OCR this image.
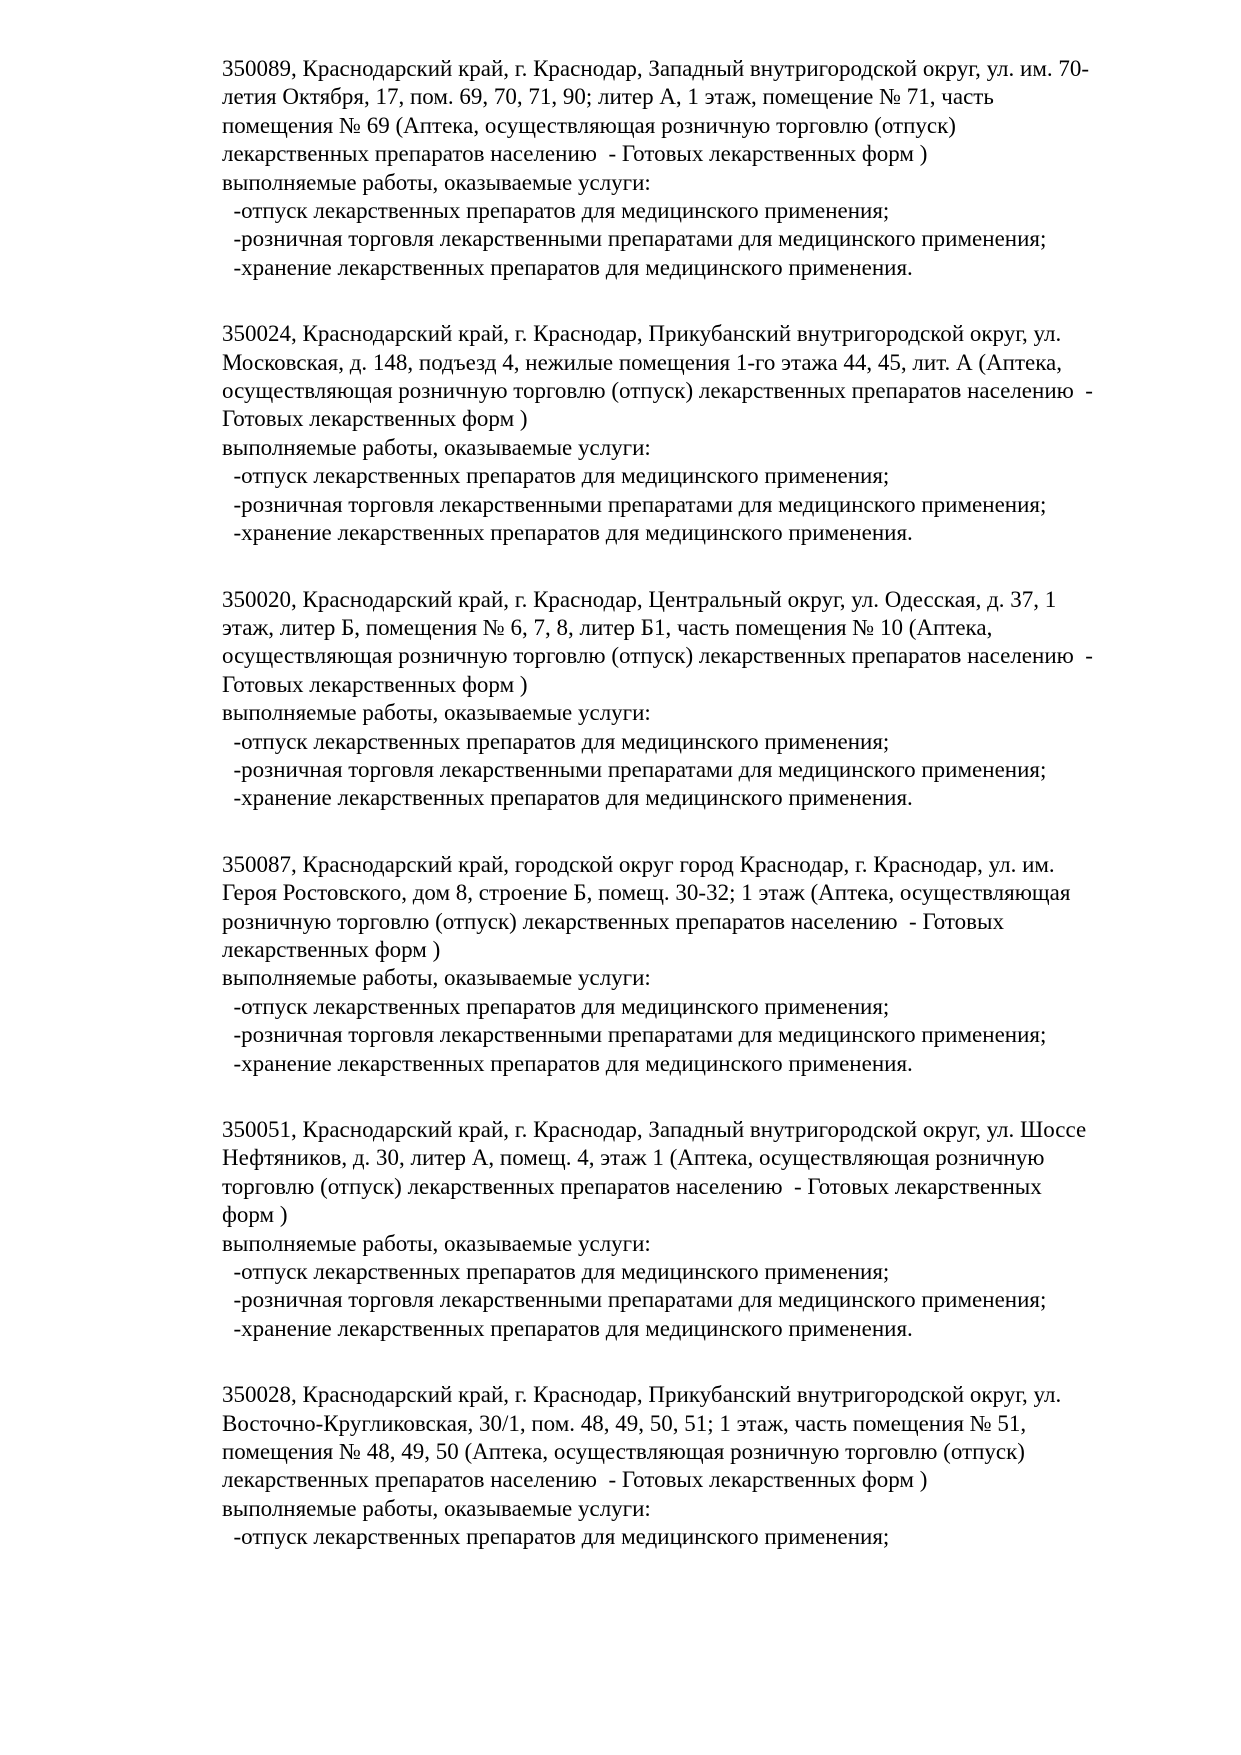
350089, Краснодарский край, г. Краснодар, Западный внутригородской округ, ул. им. 70-
летия Октября, 17, пом. 69, 70, 71, 90; литер А, 1 этаж, помещение № 71, часть
помещения № 69 (Аптека, осуществляющая розничную торговлю (отпуск)
лекарственных препаратов населению  - Готовых лекарственных форм )
выполняемые работы, оказываемые услуги:
-отпуск лекарственных препаратов для медицинского применения;
-розничная торговля лекарственными препаратами для медицинского применения;
-хранение лекарственных препаратов для медицинского применения.
350024, Краснодарский край, г. Краснодар, Прикубанский внутригородской округ, ул.
Московская, д. 148, подъезд 4, нежилые помещения 1-го этажа 44, 45, лит. А (Аптека,
осуществляющая розничную торговлю (отпуск) лекарственных препаратов населению  -
Готовых лекарственных форм )
выполняемые работы, оказываемые услуги:
-отпуск лекарственных препаратов для медицинского применения;
-розничная торговля лекарственными препаратами для медицинского применения;
-хранение лекарственных препаратов для медицинского применения.
350020, Краснодарский край, г. Краснодар, Центральный округ, ул. Одесская, д. 37, 1
этаж, литер Б, помещения № 6, 7, 8, литер Б1, часть помещения № 10 (Аптека,
осуществляющая розничную торговлю (отпуск) лекарственных препаратов населению  -
Готовых лекарственных форм )
выполняемые работы, оказываемые услуги:
-отпуск лекарственных препаратов для медицинского применения;
-розничная торговля лекарственными препаратами для медицинского применения;
-хранение лекарственных препаратов для медицинского применения.
350087, Краснодарский край, городской округ город Краснодар, г. Краснодар, ул. им.
Героя Ростовского, дом 8, строение Б, помещ. 30-32; 1 этаж (Аптека, осуществляющая
розничную торговлю (отпуск) лекарственных препаратов населению  - Готовых
лекарственных форм )
выполняемые работы, оказываемые услуги:
-отпуск лекарственных препаратов для медицинского применения;
-розничная торговля лекарственными препаратами для медицинского применения;
-хранение лекарственных препаратов для медицинского применения.
350051, Краснодарский край, г. Краснодар, Западный внутригородской округ, ул. Шоссе
Нефтяников, д. 30, литер А, помещ. 4, этаж 1 (Аптека, осуществляющая розничную
торговлю (отпуск) лекарственных препаратов населению  - Готовых лекарственных
форм )
выполняемые работы, оказываемые услуги:
-отпуск лекарственных препаратов для медицинского применения;
-розничная торговля лекарственными препаратами для медицинского применения;
-хранение лекарственных препаратов для медицинского применения.
350028, Краснодарский край, г. Краснодар, Прикубанский внутригородской округ, ул.
Восточно-Кругликовская, 30/1, пом. 48, 49, 50, 51; 1 этаж, часть помещения № 51,
помещения № 48, 49, 50 (Аптека, осуществляющая розничную торговлю (отпуск)
лекарственных препаратов населению  - Готовых лекарственных форм )
выполняемые работы, оказываемые услуги:
-отпуск лекарственных препаратов для медицинского применения;
